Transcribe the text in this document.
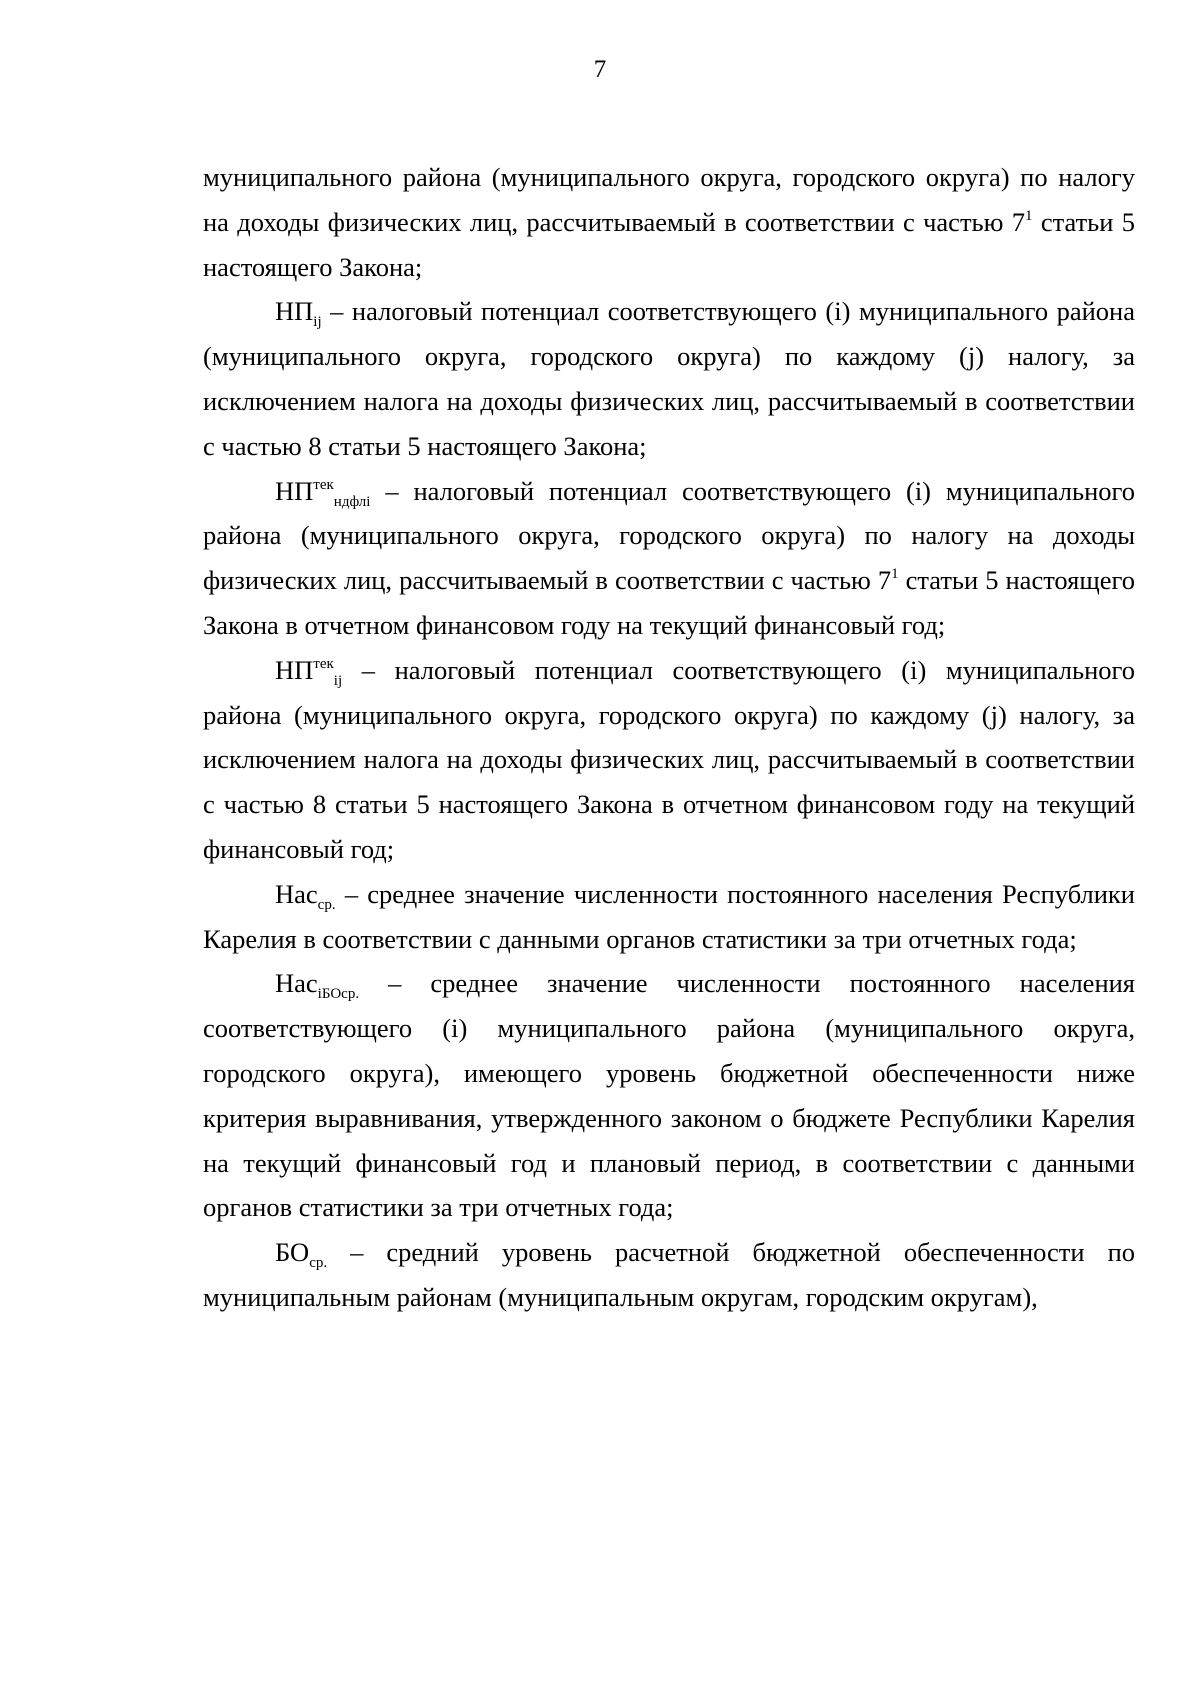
7

муниципального района (муниципального округа, городского округа) по налогу на доходы физических лиц, рассчитываемый в соответствии с частью $7^1$ статьи 5 настоящего Закона;

$НП_{ij}$ – налоговый потенциал соответствующего (i) муниципального района (муниципального округа, городского округа) по каждому (j) налогу, за исключением налога на доходы физических лиц, рассчитываемый в соответствии с частью 8 статьи 5 настоящего Закона;

$НП^{тек}_{ндфлi}$ – налоговый потенциал соответствующего (i) муниципального района (муниципального округа, городского округа) по налогу на доходы физических лиц, рассчитываемый в соответствии с частью $7^1$ статьи 5 настоящего Закона в отчетном финансовом году на текущий финансовый год;

$НП^{тек}_{ij}$ – налоговый потенциал соответствующего (i) муниципального района (муниципального округа, городского округа) по каждому (j) налогу, за исключением налога на доходы физических лиц, рассчитываемый в соответствии с частью 8 статьи 5 настоящего Закона в отчетном финансовом году на текущий финансовый год;

Нас$_{ср.}$ – среднее значение численности постоянного населения Республики Карелия в соответствии с данными органов статистики за три отчетных года;

Нас$_{iБОср.}$ – среднее значение численности постоянного населения соответствующего (i) муниципального района (муниципального округа, городского округа), имеющего уровень бюджетной обеспеченности ниже критерия выравнивания, утвержденного законом о бюджете Республики Карелия на текущий финансовый год и плановый период, в соответствии с данными органов статистики за три отчетных года;

$БО_{ср.}$ – средний уровень расчетной бюджетной обеспеченности по муниципальным районам (муниципальным округам, городским округам),
